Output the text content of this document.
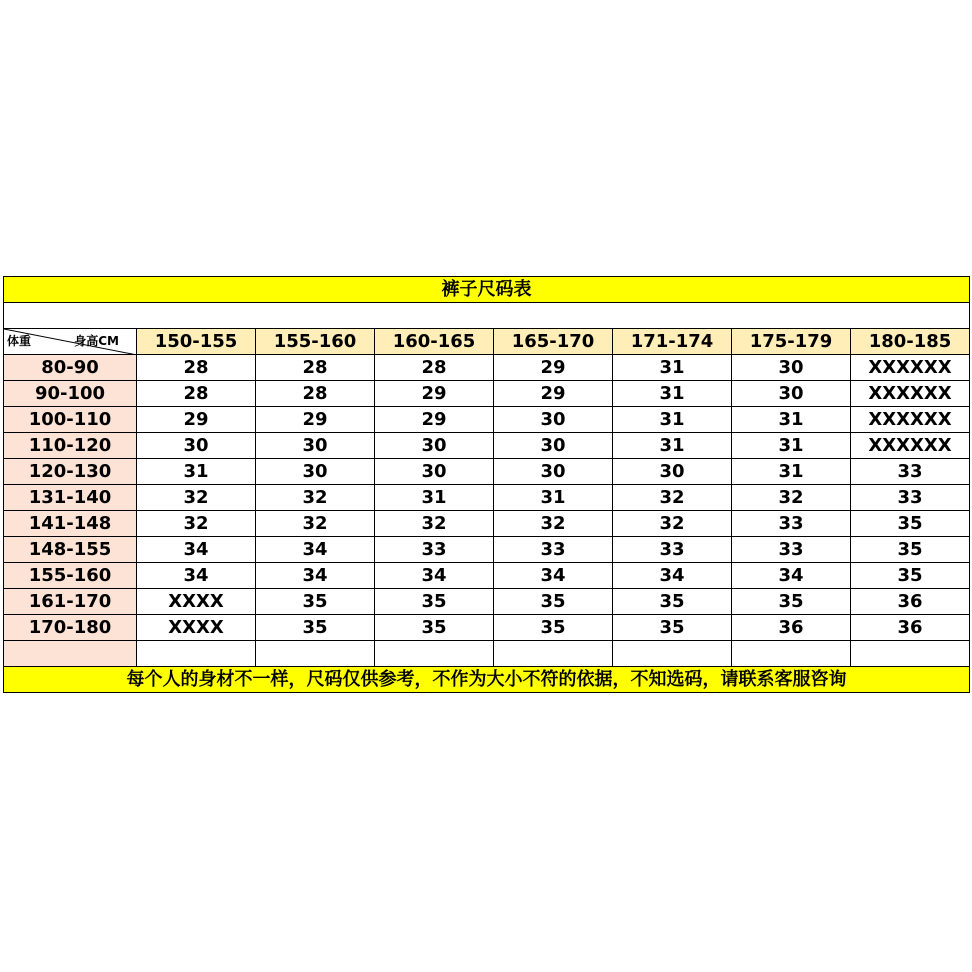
裤子尺码表							

体重 身高CM	150-155	155-160	160-165	165-170	171-174	175-179	180-185
80-90	28	28	28	29	31	30	XXXXXX
90-100	28	28	29	29	31	30	XXXXXX
100-110	29	29	29	30	31	31	XXXXXX
110-120	30	30	30	30	31	31	XXXXXX
120-130	31	30	30	30	30	31	33
131-140	32	32	31	31	32	32	33
141-148	32	32	32	32	32	33	35
148-155	34	34	33	33	33	33	35
155-160	34	34	34	34	34	34	35
161-170	XXXX	35	35	35	35	35	36
170-180	XXXX	35	35	35	35	36	36

每个人的身材不一样，尺码仅供参考，不作为大小不符的依据，不知选码，请联系客服咨询							
